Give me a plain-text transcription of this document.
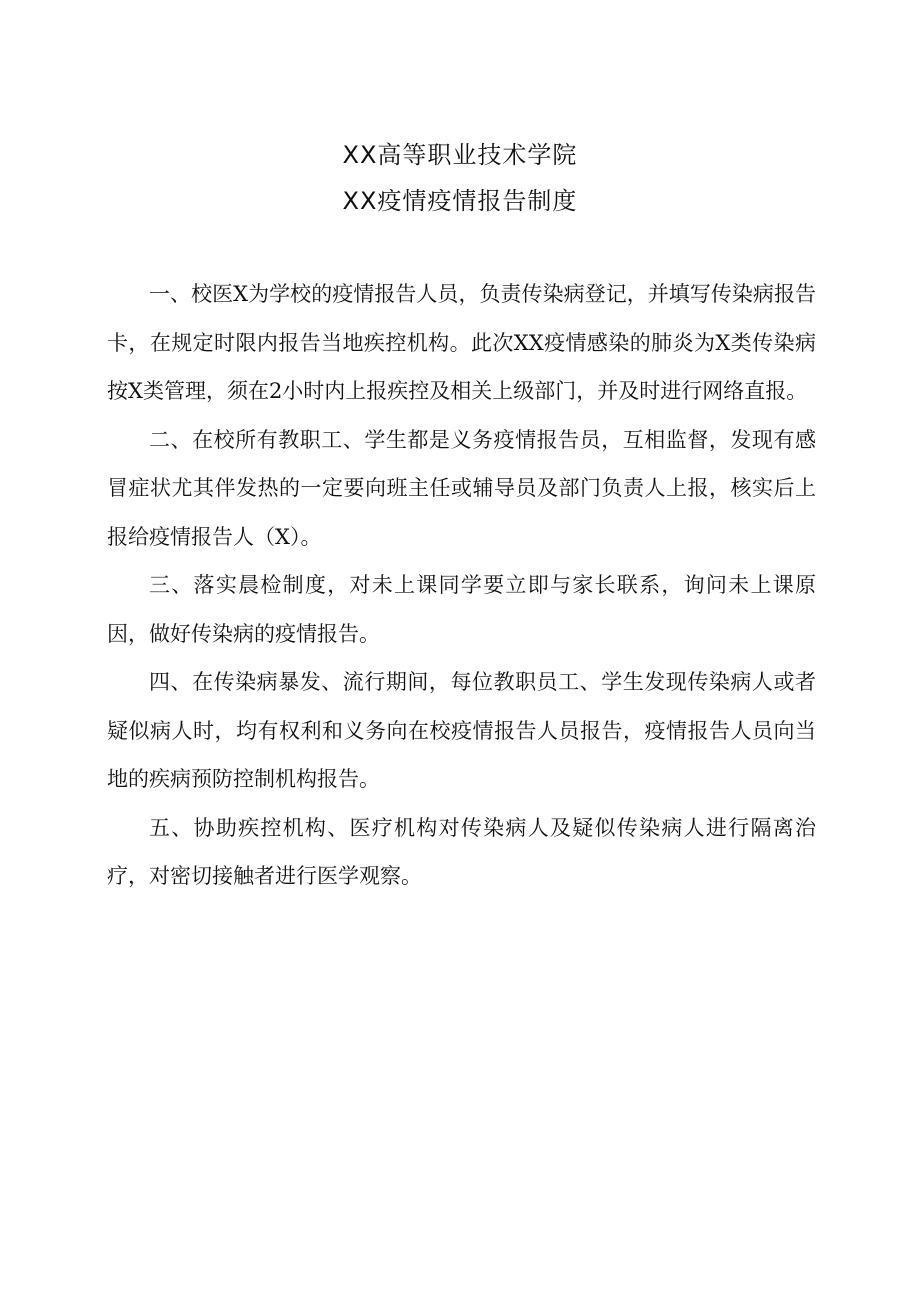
XX高等职业技术学院
XX疫情疫情报告制度

一、校医X为学校的疫情报告人员，负责传染病登记，并填写传染病报告卡，在规定时限内报告当地疾控机构。此次XX疫情感染的肺炎为X类传染病按X类管理，须在2小时内上报疾控及相关上级部门，并及时进行网络直报。

二、在校所有教职工、学生都是义务疫情报告员，互相监督，发现有感冒症状尤其伴发热的一定要向班主任或辅导员及部门负责人上报，核实后上报给疫情报告人（X）。

三、落实晨检制度，对未上课同学要立即与家长联系，询问未上课原因，做好传染病的疫情报告。

四、在传染病暴发、流行期间，每位教职员工、学生发现传染病人或者疑似病人时，均有权利和义务向在校疫情报告人员报告，疫情报告人员向当地的疾病预防控制机构报告。

五、协助疾控机构、医疗机构对传染病人及疑似传染病人进行隔离治疗，对密切接触者进行医学观察。
